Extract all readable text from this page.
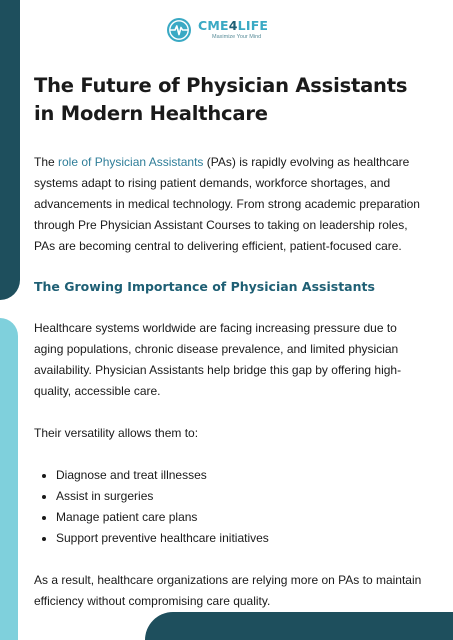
CME4LIFE
Maximize Your Mind
The Future of Physician Assistants in Modern Healthcare

The role of Physician Assistants (PAs) is rapidly evolving as healthcare systems adapt to rising patient demands, workforce shortages, and advancements in medical technology. From strong academic preparation through Pre Physician Assistant Courses to taking on leadership roles, PAs are becoming central to delivering efficient, patient-focused care.

The Growing Importance of Physician Assistants

Healthcare systems worldwide are facing increasing pressure due to aging populations, chronic disease prevalence, and limited physician availability. Physician Assistants help bridge this gap by offering high-quality, accessible care.

Their versatility allows them to:

• Diagnose and treat illnesses
• Assist in surgeries
• Manage patient care plans
• Support preventive healthcare initiatives

As a result, healthcare organizations are relying more on PAs to maintain efficiency without compromising care quality.
